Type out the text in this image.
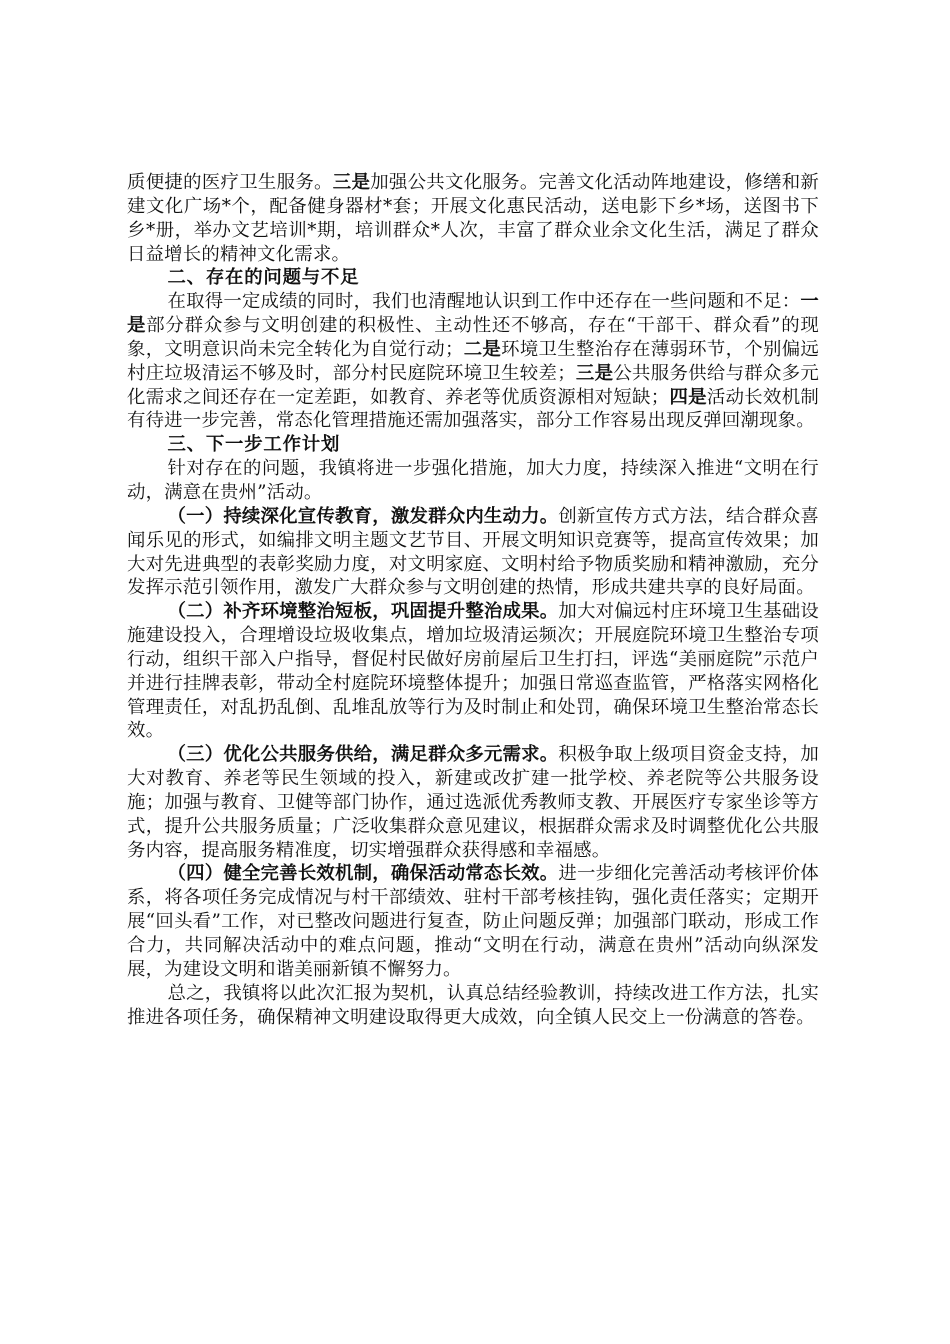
质便捷的医疗卫生服务。三是加强公共文化服务。完善文化活动阵地建设，修缮和新建文化广场*个，配备健身器材*套；开展文化惠民活动，送电影下乡*场，送图书下乡*册，举办文艺培训*期，培训群众*人次，丰富了群众业余文化生活，满足了群众日益增长的精神文化需求。

二、存在的问题与不足

在取得一定成绩的同时，我们也清醒地认识到工作中还存在一些问题和不足：一是部分群众参与文明创建的积极性、主动性还不够高，存在“干部干、群众看”的现象，文明意识尚未完全转化为自觉行动；二是环境卫生整治存在薄弱环节，个别偏远村庄垃圾清运不够及时，部分村民庭院环境卫生较差；三是公共服务供给与群众多元化需求之间还存在一定差距，如教育、养老等优质资源相对短缺；四是活动长效机制有待进一步完善，常态化管理措施还需加强落实，部分工作容易出现反弹回潮现象。

三、下一步工作计划

针对存在的问题，我镇将进一步强化措施，加大力度，持续深入推进“文明在行动，满意在贵州”活动。

（一）持续深化宣传教育，激发群众内生动力。创新宣传方式方法，结合群众喜闻乐见的形式，如编排文明主题文艺节目、开展文明知识竞赛等，提高宣传效果；加大对先进典型的表彰奖励力度，对文明家庭、文明村给予物质奖励和精神激励，充分发挥示范引领作用，激发广大群众参与文明创建的热情，形成共建共享的良好局面。

（二）补齐环境整治短板，巩固提升整治成果。加大对偏远村庄环境卫生基础设施建设投入，合理增设垃圾收集点，增加垃圾清运频次；开展庭院环境卫生整治专项行动，组织干部入户指导，督促村民做好房前屋后卫生打扫，评选“美丽庭院”示范户并进行挂牌表彰，带动全村庭院环境整体提升；加强日常巡查监管，严格落实网格化管理责任，对乱扔乱倒、乱堆乱放等行为及时制止和处罚，确保环境卫生整治常态长效。

（三）优化公共服务供给，满足群众多元需求。积极争取上级项目资金支持，加大对教育、养老等民生领域的投入，新建或改扩建一批学校、养老院等公共服务设施；加强与教育、卫健等部门协作，通过选派优秀教师支教、开展医疗专家坐诊等方式，提升公共服务质量；广泛收集群众意见建议，根据群众需求及时调整优化公共服务内容，提高服务精准度，切实增强群众获得感和幸福感。

（四）健全完善长效机制，确保活动常态长效。进一步细化完善活动考核评价体系，将各项任务完成情况与村干部绩效、驻村干部考核挂钩，强化责任落实；定期开展“回头看”工作，对已整改问题进行复查，防止问题反弹；加强部门联动，形成工作合力，共同解决活动中的难点问题，推动“文明在行动，满意在贵州”活动向纵深发展，为建设文明和谐美丽新镇不懈努力。

总之，我镇将以此次汇报为契机，认真总结经验教训，持续改进工作方法，扎实推进各项任务，确保精神文明建设取得更大成效，向全镇人民交上一份满意的答卷。
